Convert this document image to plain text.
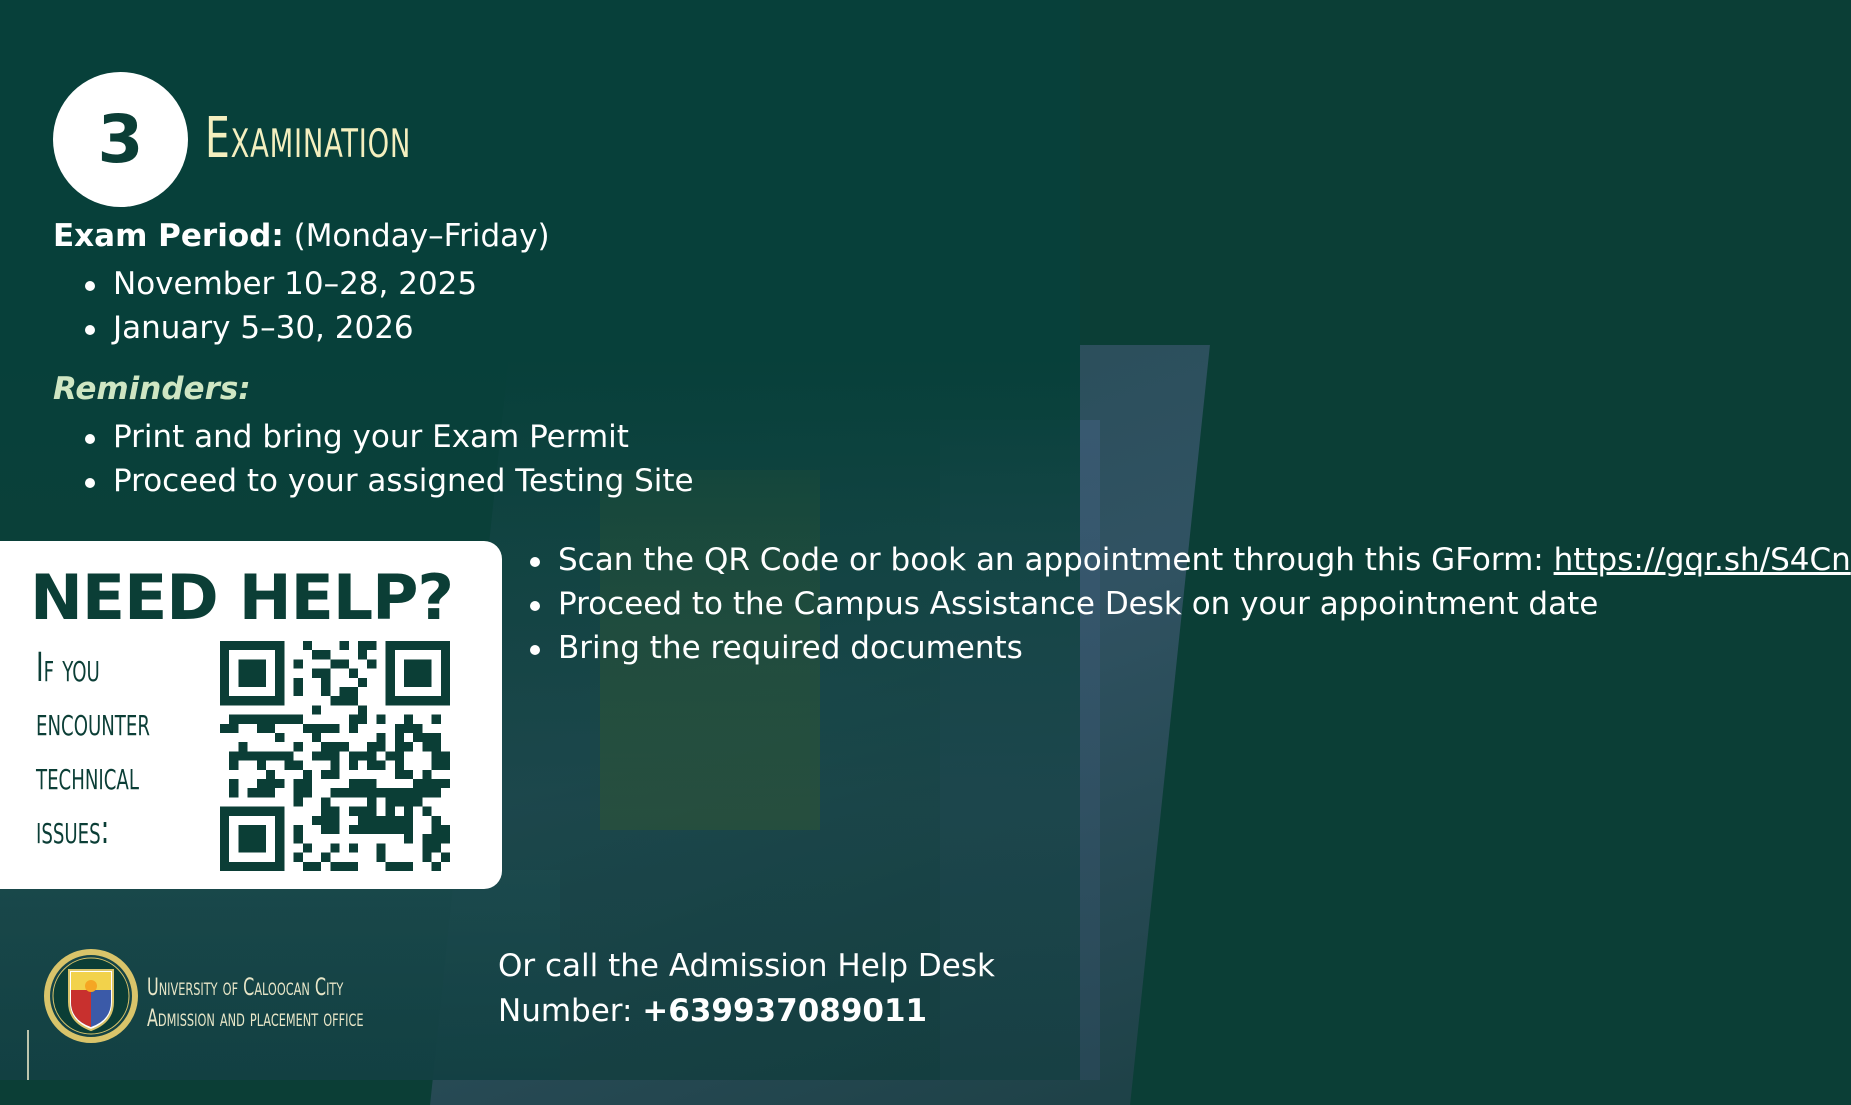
3	Examination
Exam Period: (Monday–Friday)
November 10–28, 2025
January 5–30, 2026
Reminders:
Print and bring your Exam Permit
Proceed to your assigned Testing Site
NEED HELP?
If you
encounter
technical
issues:
Scan the QR Code or book an appointment through this GForm: https://gqr.sh/S4Cn
Proceed to the Campus Assistance Desk on your appointment date
Bring the required documents
Or call the Admission Help Desk Number: +639937089011
University of Caloocan City
Admission and placement office
